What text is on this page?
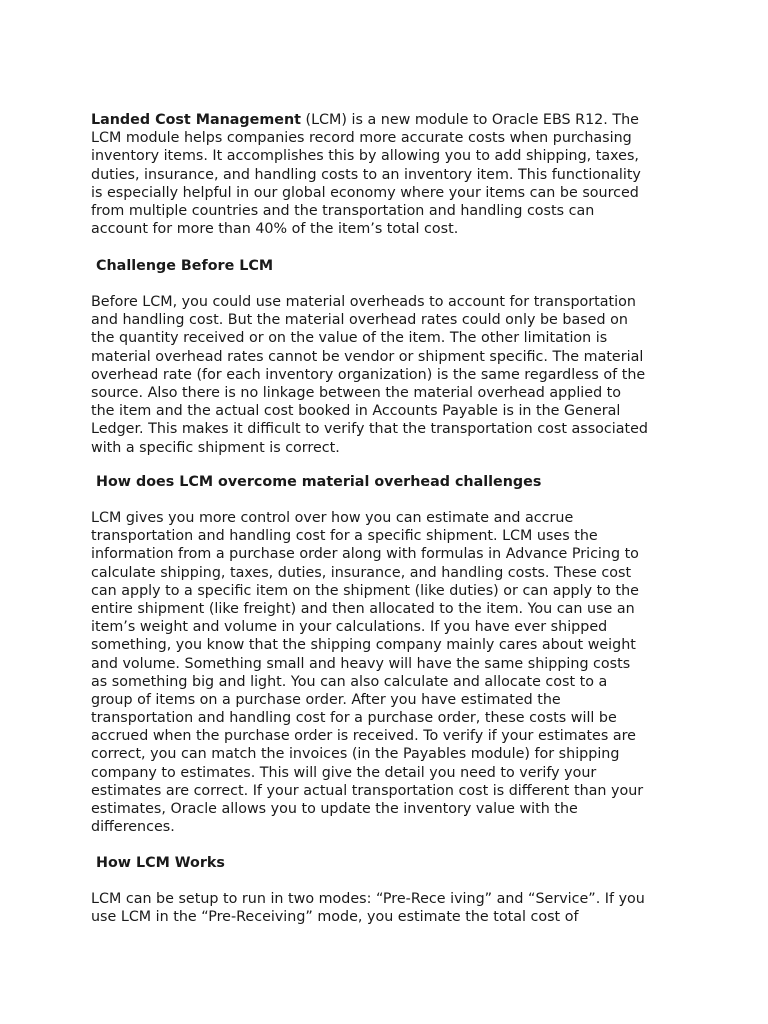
Landed Cost Management (LCM) is a new module to Oracle EBS R12. The
LCM module helps companies record more accurate costs when purchasing
inventory items. It accomplishes this by allowing you to add shipping, taxes,
duties, insurance, and handling costs to an inventory item. This functionality
is especially helpful in our global economy where your items can be sourced
from multiple countries and the transportation and handling costs can
account for more than 40% of the item’s total cost.

Challenge Before LCM

Before LCM, you could use material overheads to account for transportation
and handling cost. But the material overhead rates could only be based on
the quantity received or on the value of the item. The other limitation is
material overhead rates cannot be vendor or shipment specific. The material
overhead rate (for each inventory organization) is the same regardless of the
source. Also there is no linkage between the material overhead applied to
the item and the actual cost booked in Accounts Payable is in the General
Ledger. This makes it difficult to verify that the transportation cost associated
with a specific shipment is correct.

How does LCM overcome material overhead challenges

LCM gives you more control over how you can estimate and accrue
transportation and handling cost for a specific shipment. LCM uses the
information from a purchase order along with formulas in Advance Pricing to
calculate shipping, taxes, duties, insurance, and handling costs. These cost
can apply to a specific item on the shipment (like duties) or can apply to the
entire shipment (like freight) and then allocated to the item. You can use an
item’s weight and volume in your calculations. If you have ever shipped
something, you know that the shipping company mainly cares about weight
and volume. Something small and heavy will have the same shipping costs
as something big and light. You can also calculate and allocate cost to a
group of items on a purchase order. After you have estimated the
transportation and handling cost for a purchase order, these costs will be
accrued when the purchase order is received. To verify if your estimates are
correct, you can match the invoices (in the Payables module) for shipping
company to estimates. This will give the detail you need to verify your
estimates are correct. If your actual transportation cost is different than your
estimates, Oracle allows you to update the inventory value with the
differences.

How LCM Works

LCM can be setup to run in two modes: “Pre-Rece iving” and “Service”. If you
use LCM in the “Pre-Receiving” mode, you estimate the total cost of
